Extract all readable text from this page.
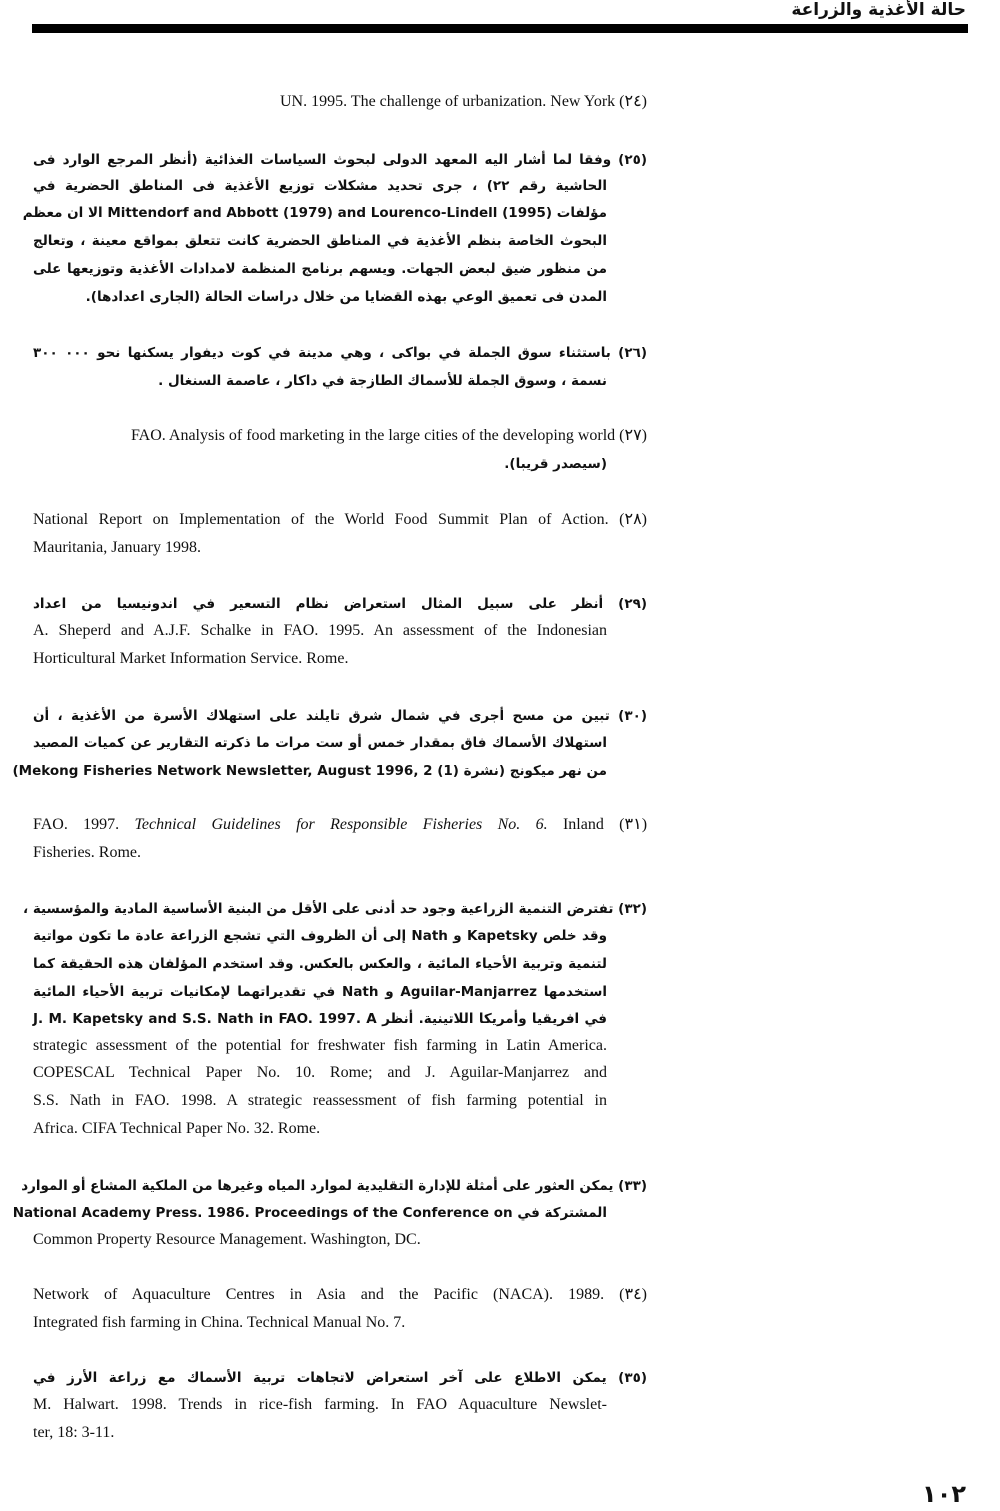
حالة الأغذية والزراعة
UN. 1995. The challenge of urbanization. New York (٢٤)
(٢٥) وفقا لما أشار اليه المعهد الدولى لبحوث السياسات الغذائية (أنظر المرجع الوارد فى
الحاشية رقم ٢٢) ، جرى تحديد مشكلات توزيع الأغذية فى المناطق الحضرية في
مؤلفات Mittendorf and Abbott (1979) and Lourenco-Lindell (1995) الا ان معظم
البحوث الخاصة بنظم الأغذية في المناطق الحضرية كانت تتعلق بمواقع معينة ، وتعالج
من منظور ضيق لبعض الجهات. ويسهم برنامج المنظمة لامدادات الأغذية وتوزيعها على
المدن فى تعميق الوعي بهذه القضايا من خلال دراسات الحالة (الجارى اعدادها).
(٢٦) باستثناء سوق الجملة في بواكى ، وهي مدينة في كوت ديفوار يسكنها نحو ٠٠٠ ٣٠٠
نسمة ، وسوق الجملة للأسماك الطازجة في داكار ، عاصمة السنغال .
FAO. Analysis of food marketing in the large cities of the developing world (٢٧)
(سيصدر قريبا).
National Report on Implementation of the World Food Summit Plan of Action. (٢٨)
Mauritania, January 1998.
(٢٩) أنظر على سبيل المثال استعراض نظام التسعير في اندونيسيا من اعداد
A. Sheperd and A.J.F. Schalke in FAO. 1995. An assessment of the Indonesian
Horticultural Market Information Service. Rome.
(٣٠) تبين من مسح أجرى في شمال شرق تايلند على استهلاك الأسرة من الأغذية ، أن
استهلاك الأسماك فاق بمقدار خمس أو ست مرات ما ذكرته التقارير عن كميات المصيد
من نهر ميكونج (نشرة Mekong Fisheries Network Newsletter, August 1996, 2 (1))
FAO. 1997. Technical Guidelines for Responsible Fisheries No. 6. Inland (٣١)
Fisheries. Rome.
(٣٢) تفترض التنمية الزراعية وجود حد أدنى على الأقل من البنية الأساسية المادية والمؤسسية ،
وقد خلص Kapetsky و Nath إلى أن الظروف التي تشجع الزراعة عادة ما تكون مواتية
لتنمية وتربية الأحياء المائية ، والعكس بالعكس. وقد استخدم المؤلفان هذه الحقيقة كما
استخدمها Aguilar-Manjarrez و Nath في تقديراتهما لإمكانيات تربية الأحياء المائية
في افريقيا وأمريكا اللاتينية. أنظر J. M. Kapetsky and S.S. Nath in FAO. 1997. A
strategic assessment of the potential for freshwater fish farming in Latin America.
COPESCAL Technical Paper No. 10. Rome; and J. Aguilar-Manjarrez and
S.S. Nath in FAO. 1998. A strategic reassessment of fish farming potential in
Africa. CIFA Technical Paper No. 32. Rome.
(٣٣) يمكن العثور على أمثلة للإدارة التقليدية لموارد المياه وغيرها من الملكية المشاع أو الموارد
المشتركة في National Academy Press. 1986. Proceedings of the Conference on
Common Property Resource Management. Washington, DC.
Network of Aquaculture Centres in Asia and the Pacific (NACA). 1989. (٣٤)
Integrated fish farming in China. Technical Manual No. 7.
(٣٥) يمكن الاطلاع على آخر استعراض لاتجاهات تربية الأسماك مع زراعة الأرز في
M. Halwart. 1998. Trends in rice-fish farming. In FAO Aquaculture Newslet-
ter, 18: 3-11.
١٠٢
